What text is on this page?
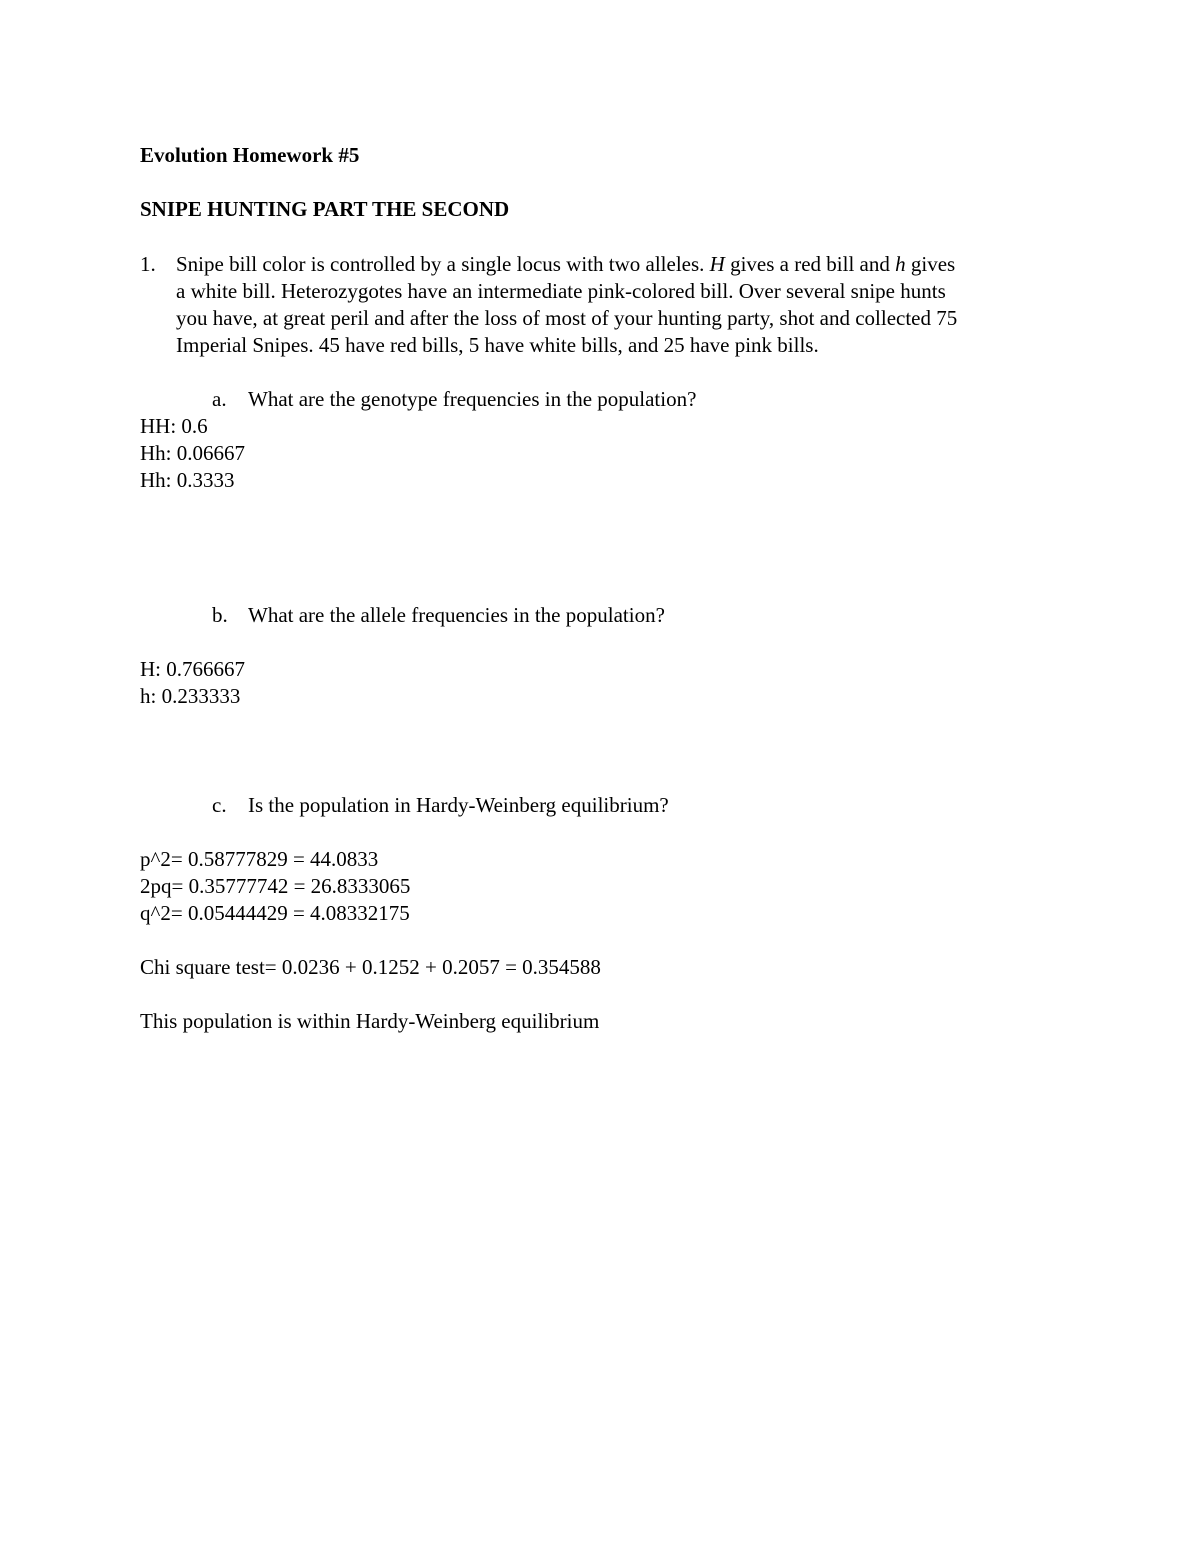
Evolution Homework #5

SNIPE HUNTING PART THE SECOND

1. Snipe bill color is controlled by a single locus with two alleles. H gives a red bill and h gives

a white bill. Heterozygotes have an intermediate pink-colored bill. Over several snipe hunts

you have, at great peril and after the loss of most of your hunting party, shot and collected 75

Imperial Snipes. 45 have red bills, 5 have white bills, and 25 have pink bills.

a. What are the genotype frequencies in the population?

HH: 0.6

Hh: 0.06667

Hh: 0.3333

b. What are the allele frequencies in the population?

H: 0.766667

h: 0.233333

c. Is the population in Hardy-Weinberg equilibrium?

p^2= 0.58777829 = 44.0833

2pq= 0.35777742 = 26.8333065

q^2= 0.05444429 = 4.08332175

Chi square test= 0.0236 + 0.1252 + 0.2057 = 0.354588

This population is within Hardy-Weinberg equilibrium
